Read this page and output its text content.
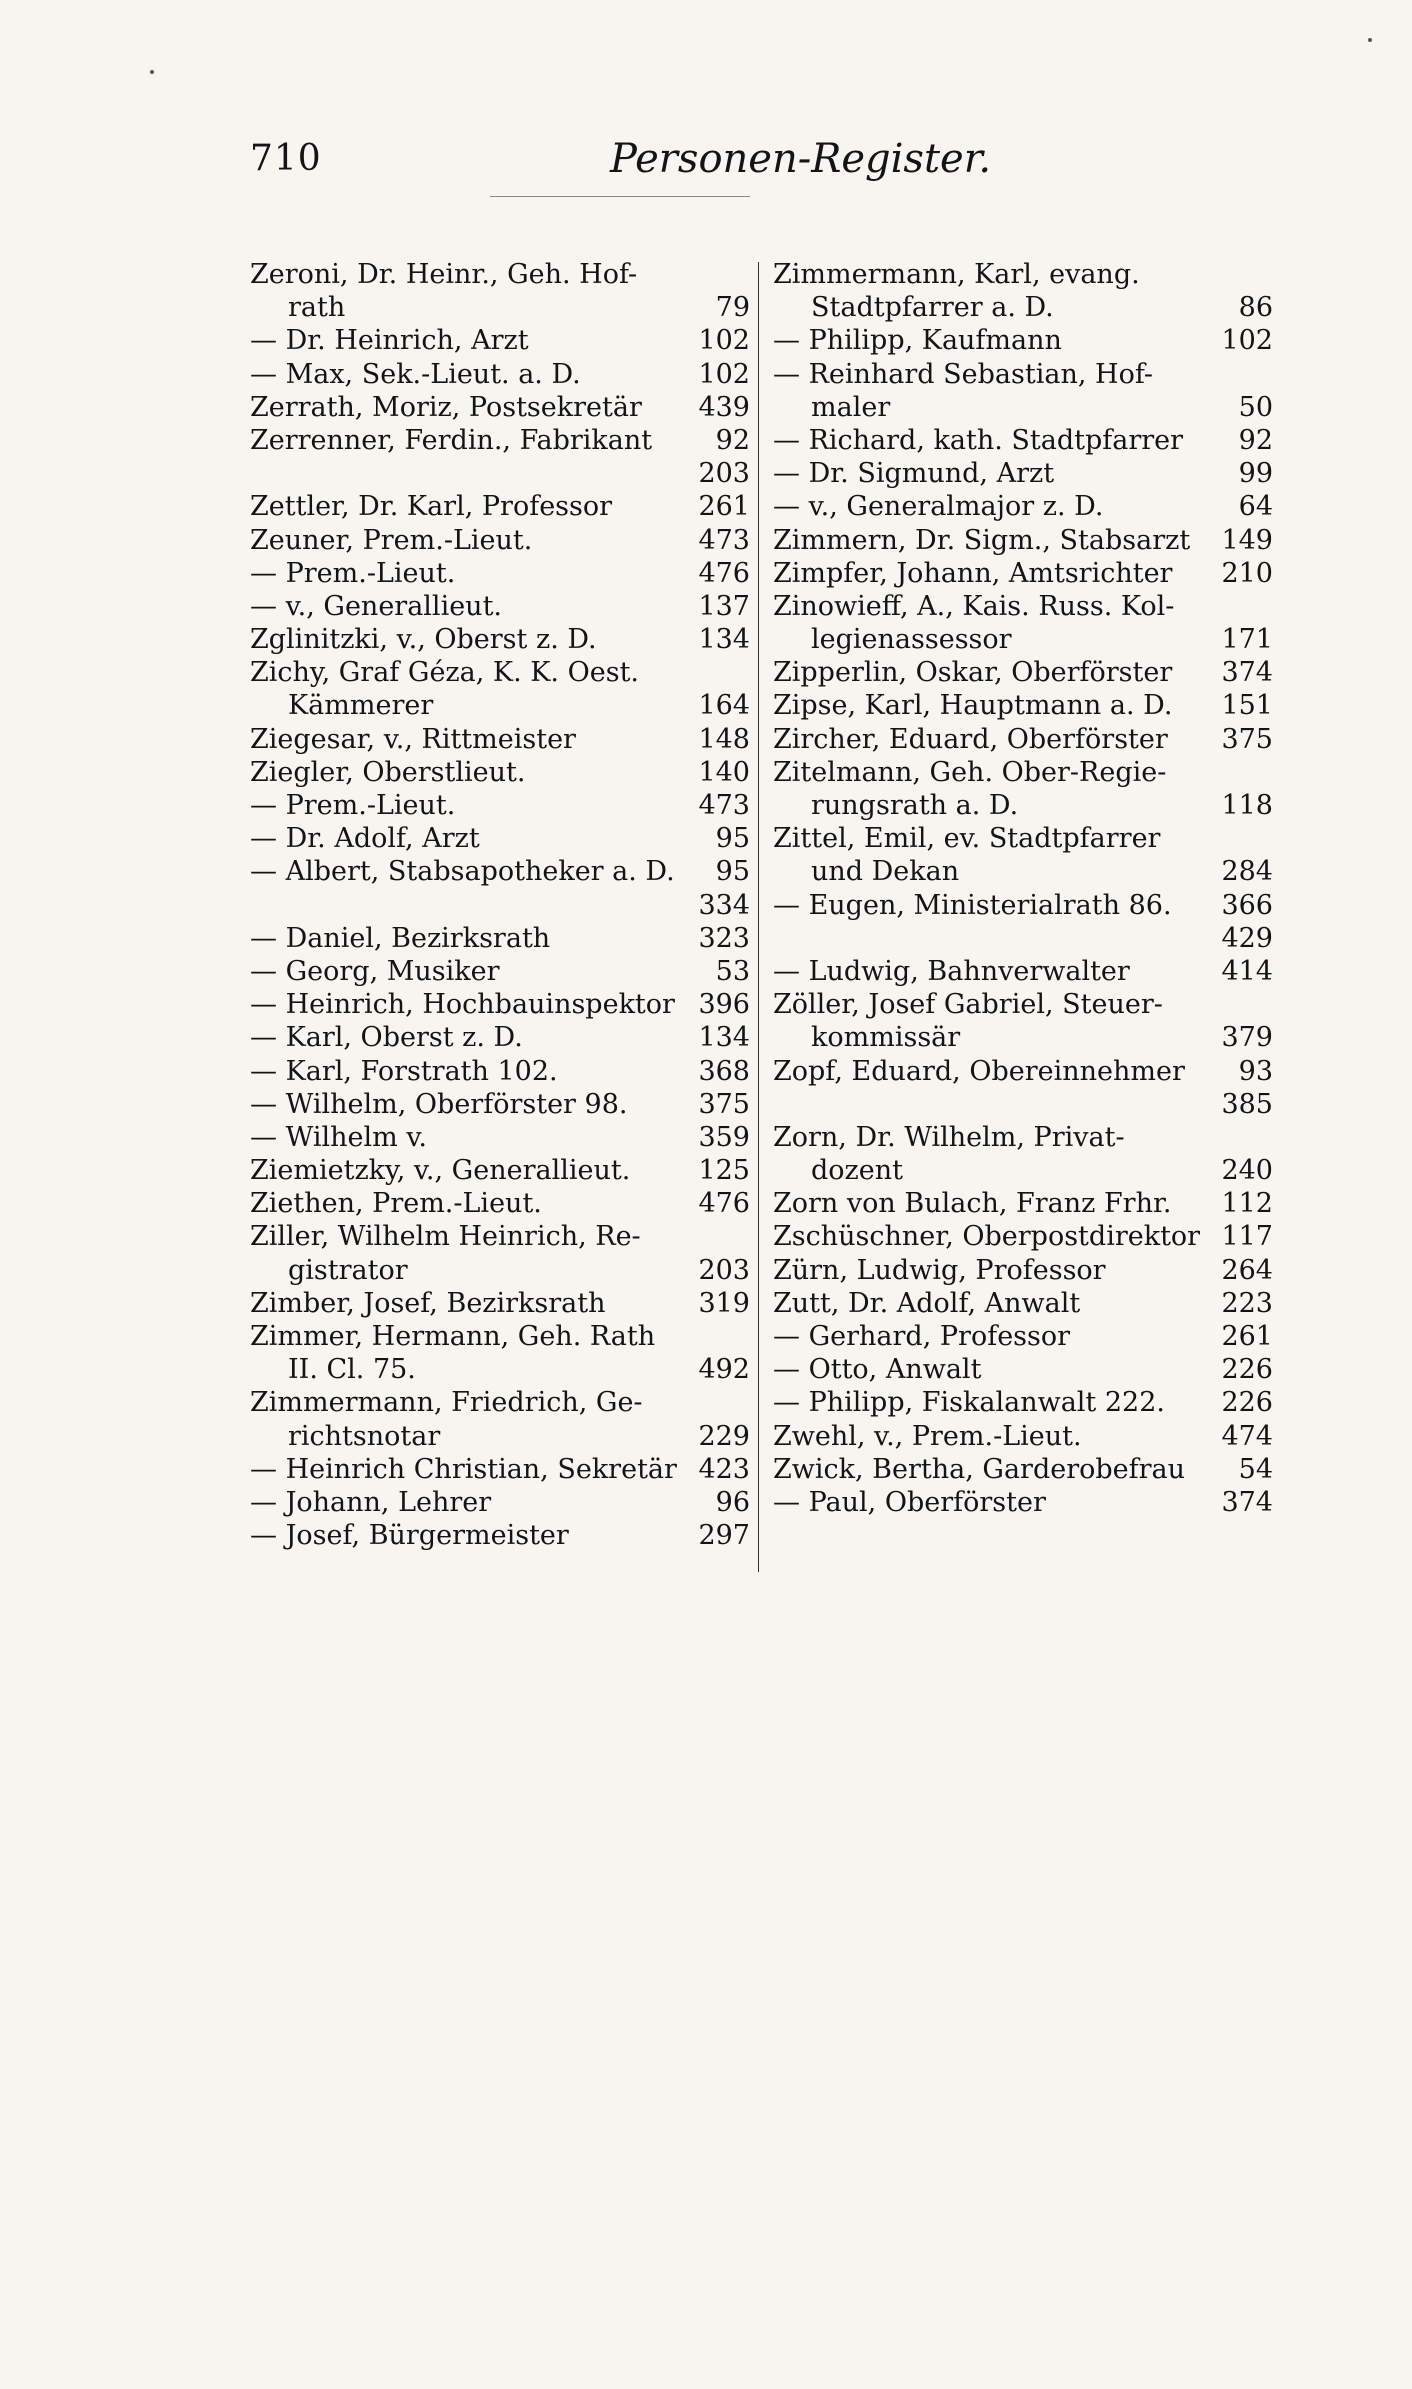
710	Personen-Register.
Zeroni, Dr. Heinr., Geh. Hof-
rath	79
— Dr. Heinrich, Arzt	102
— Max, Sek.-Lieut. a. D.	102
Zerrath, Moriz, Postsekretär	439
Zerrenner, Ferdin., Fabrikant	92
203
Zettler, Dr. Karl, Professor	261
Zeuner, Prem.-Lieut.	473
— Prem.-Lieut.	476
— v., Generallieut.	137
Zglinitzki, v., Oberst z. D.	134
Zichy, Graf Géza, K. K. Oest.
Kämmerer	164
Ziegesar, v., Rittmeister	148
Ziegler, Oberstlieut.	140
— Prem.-Lieut.	473
— Dr. Adolf, Arzt	95
— Albert, Stabsapotheker a. D.	95
334
— Daniel, Bezirksrath	323
— Georg, Musiker	53
— Heinrich, Hochbauinspektor 396
— Karl, Oberst z. D.	134
— Karl, Forstrath 102.	368
— Wilhelm, Oberförster 98.	375
— Wilhelm v.	359
Ziemietzky, v., Generallieut.	125
Ziethen, Prem.-Lieut.	476
Ziller, Wilhelm Heinrich, Re-
gistrator	203
Zimber, Josef, Bezirksrath	319
Zimmer, Hermann, Geh. Rath
II. Cl. 75.	492
Zimmermann, Friedrich, Ge-
richtsnotar	229
— Heinrich Christian, Sekretär 423
— Johann, Lehrer	96
— Josef, Bürgermeister	297
Zimmermann, Karl, evang.
Stadtpfarrer a. D.	86
— Philipp, Kaufmann	102
— Reinhard Sebastian, Hof-
maler	50
— Richard, kath. Stadtpfarrer	92
— Dr. Sigmund, Arzt	99
— v., Generalmajor z. D.	64
Zimmern, Dr. Sigm., Stabsarzt	149
Zimpfer, Johann, Amtsrichter	210
Zinowieff, A., Kais. Russ. Kol-
legienassessor	171
Zipperlin, Oskar, Oberförster	374
Zipse, Karl, Hauptmann a. D.	151
Zircher, Eduard, Oberförster	375
Zitelmann, Geh. Ober-Regie-
rungsrath a. D.	118
Zittel, Emil, ev. Stadtpfarrer
und Dekan	284
— Eugen, Ministerialrath 86.	366
429
— Ludwig, Bahnverwalter	414
Zöller, Josef Gabriel, Steuer-
kommissär	379
Zopf, Eduard, Obereinnehmer	93
385
Zorn, Dr. Wilhelm, Privat-
dozent	240
Zorn von Bulach, Franz Frhr.	112
Zschüschner, Oberpostdirektor 117
Zürn, Ludwig, Professor	264
Zutt, Dr. Adolf, Anwalt	223
— Gerhard, Professor	261
— Otto, Anwalt	226
— Philipp, Fiskalanwalt 222.	226
Zwehl, v., Prem.-Lieut.	474
Zwick, Bertha, Garderobefrau	54
— Paul, Oberförster	374
